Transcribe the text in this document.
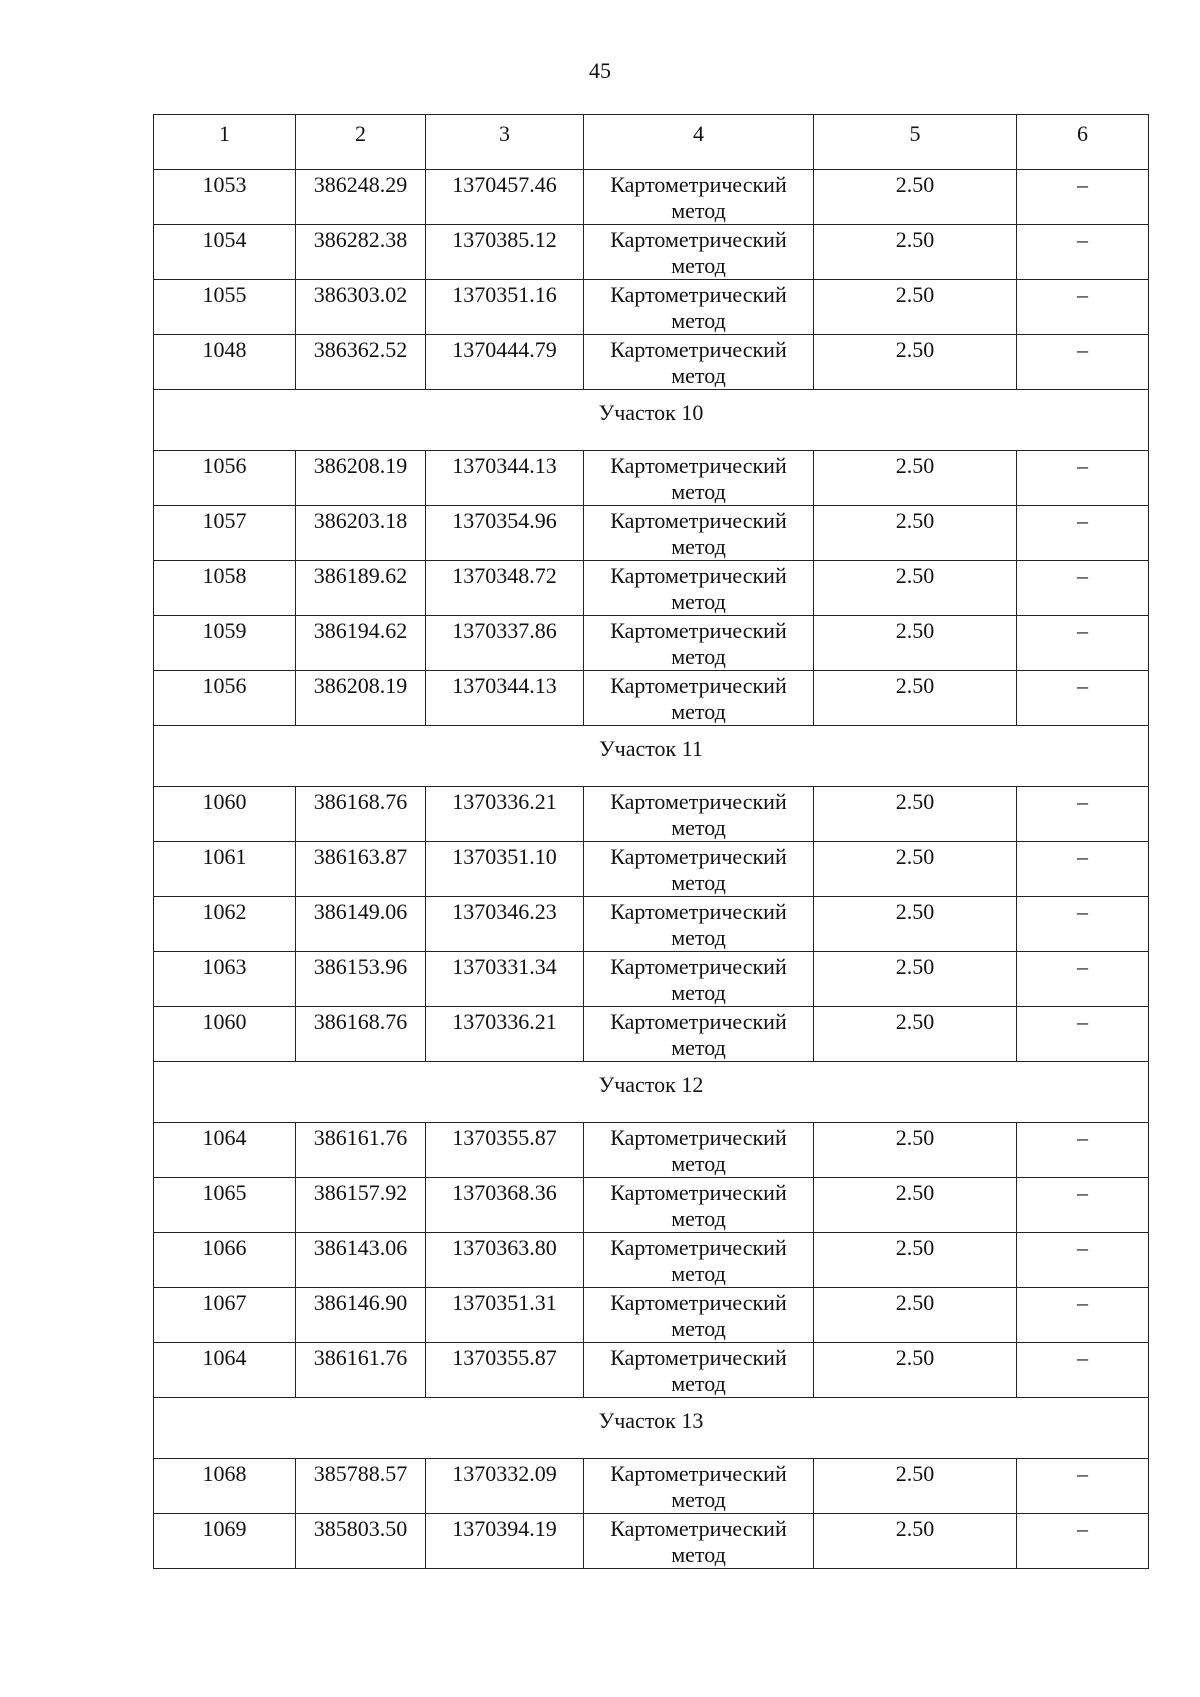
45
1	2	3	4	5	6
1053	386248.29	1370457.46	Картометрический метод	2.50	–
1054	386282.38	1370385.12	Картометрический метод	2.50	–
1055	386303.02	1370351.16	Картометрический метод	2.50	–
1048	386362.52	1370444.79	Картометрический метод	2.50	–
Участок 10					
1056	386208.19	1370344.13	Картометрический метод	2.50	–
1057	386203.18	1370354.96	Картометрический метод	2.50	–
1058	386189.62	1370348.72	Картометрический метод	2.50	–
1059	386194.62	1370337.86	Картометрический метод	2.50	–
1056	386208.19	1370344.13	Картометрический метод	2.50	–
Участок 11					
1060	386168.76	1370336.21	Картометрический метод	2.50	–
1061	386163.87	1370351.10	Картометрический метод	2.50	–
1062	386149.06	1370346.23	Картометрический метод	2.50	–
1063	386153.96	1370331.34	Картометрический метод	2.50	–
1060	386168.76	1370336.21	Картометрический метод	2.50	–
Участок 12					
1064	386161.76	1370355.87	Картометрический метод	2.50	–
1065	386157.92	1370368.36	Картометрический метод	2.50	–
1066	386143.06	1370363.80	Картометрический метод	2.50	–
1067	386146.90	1370351.31	Картометрический метод	2.50	–
1064	386161.76	1370355.87	Картометрический метод	2.50	–
Участок 13					
1068	385788.57	1370332.09	Картометрический метод	2.50	–
1069	385803.50	1370394.19	Картометрический метод	2.50	–
